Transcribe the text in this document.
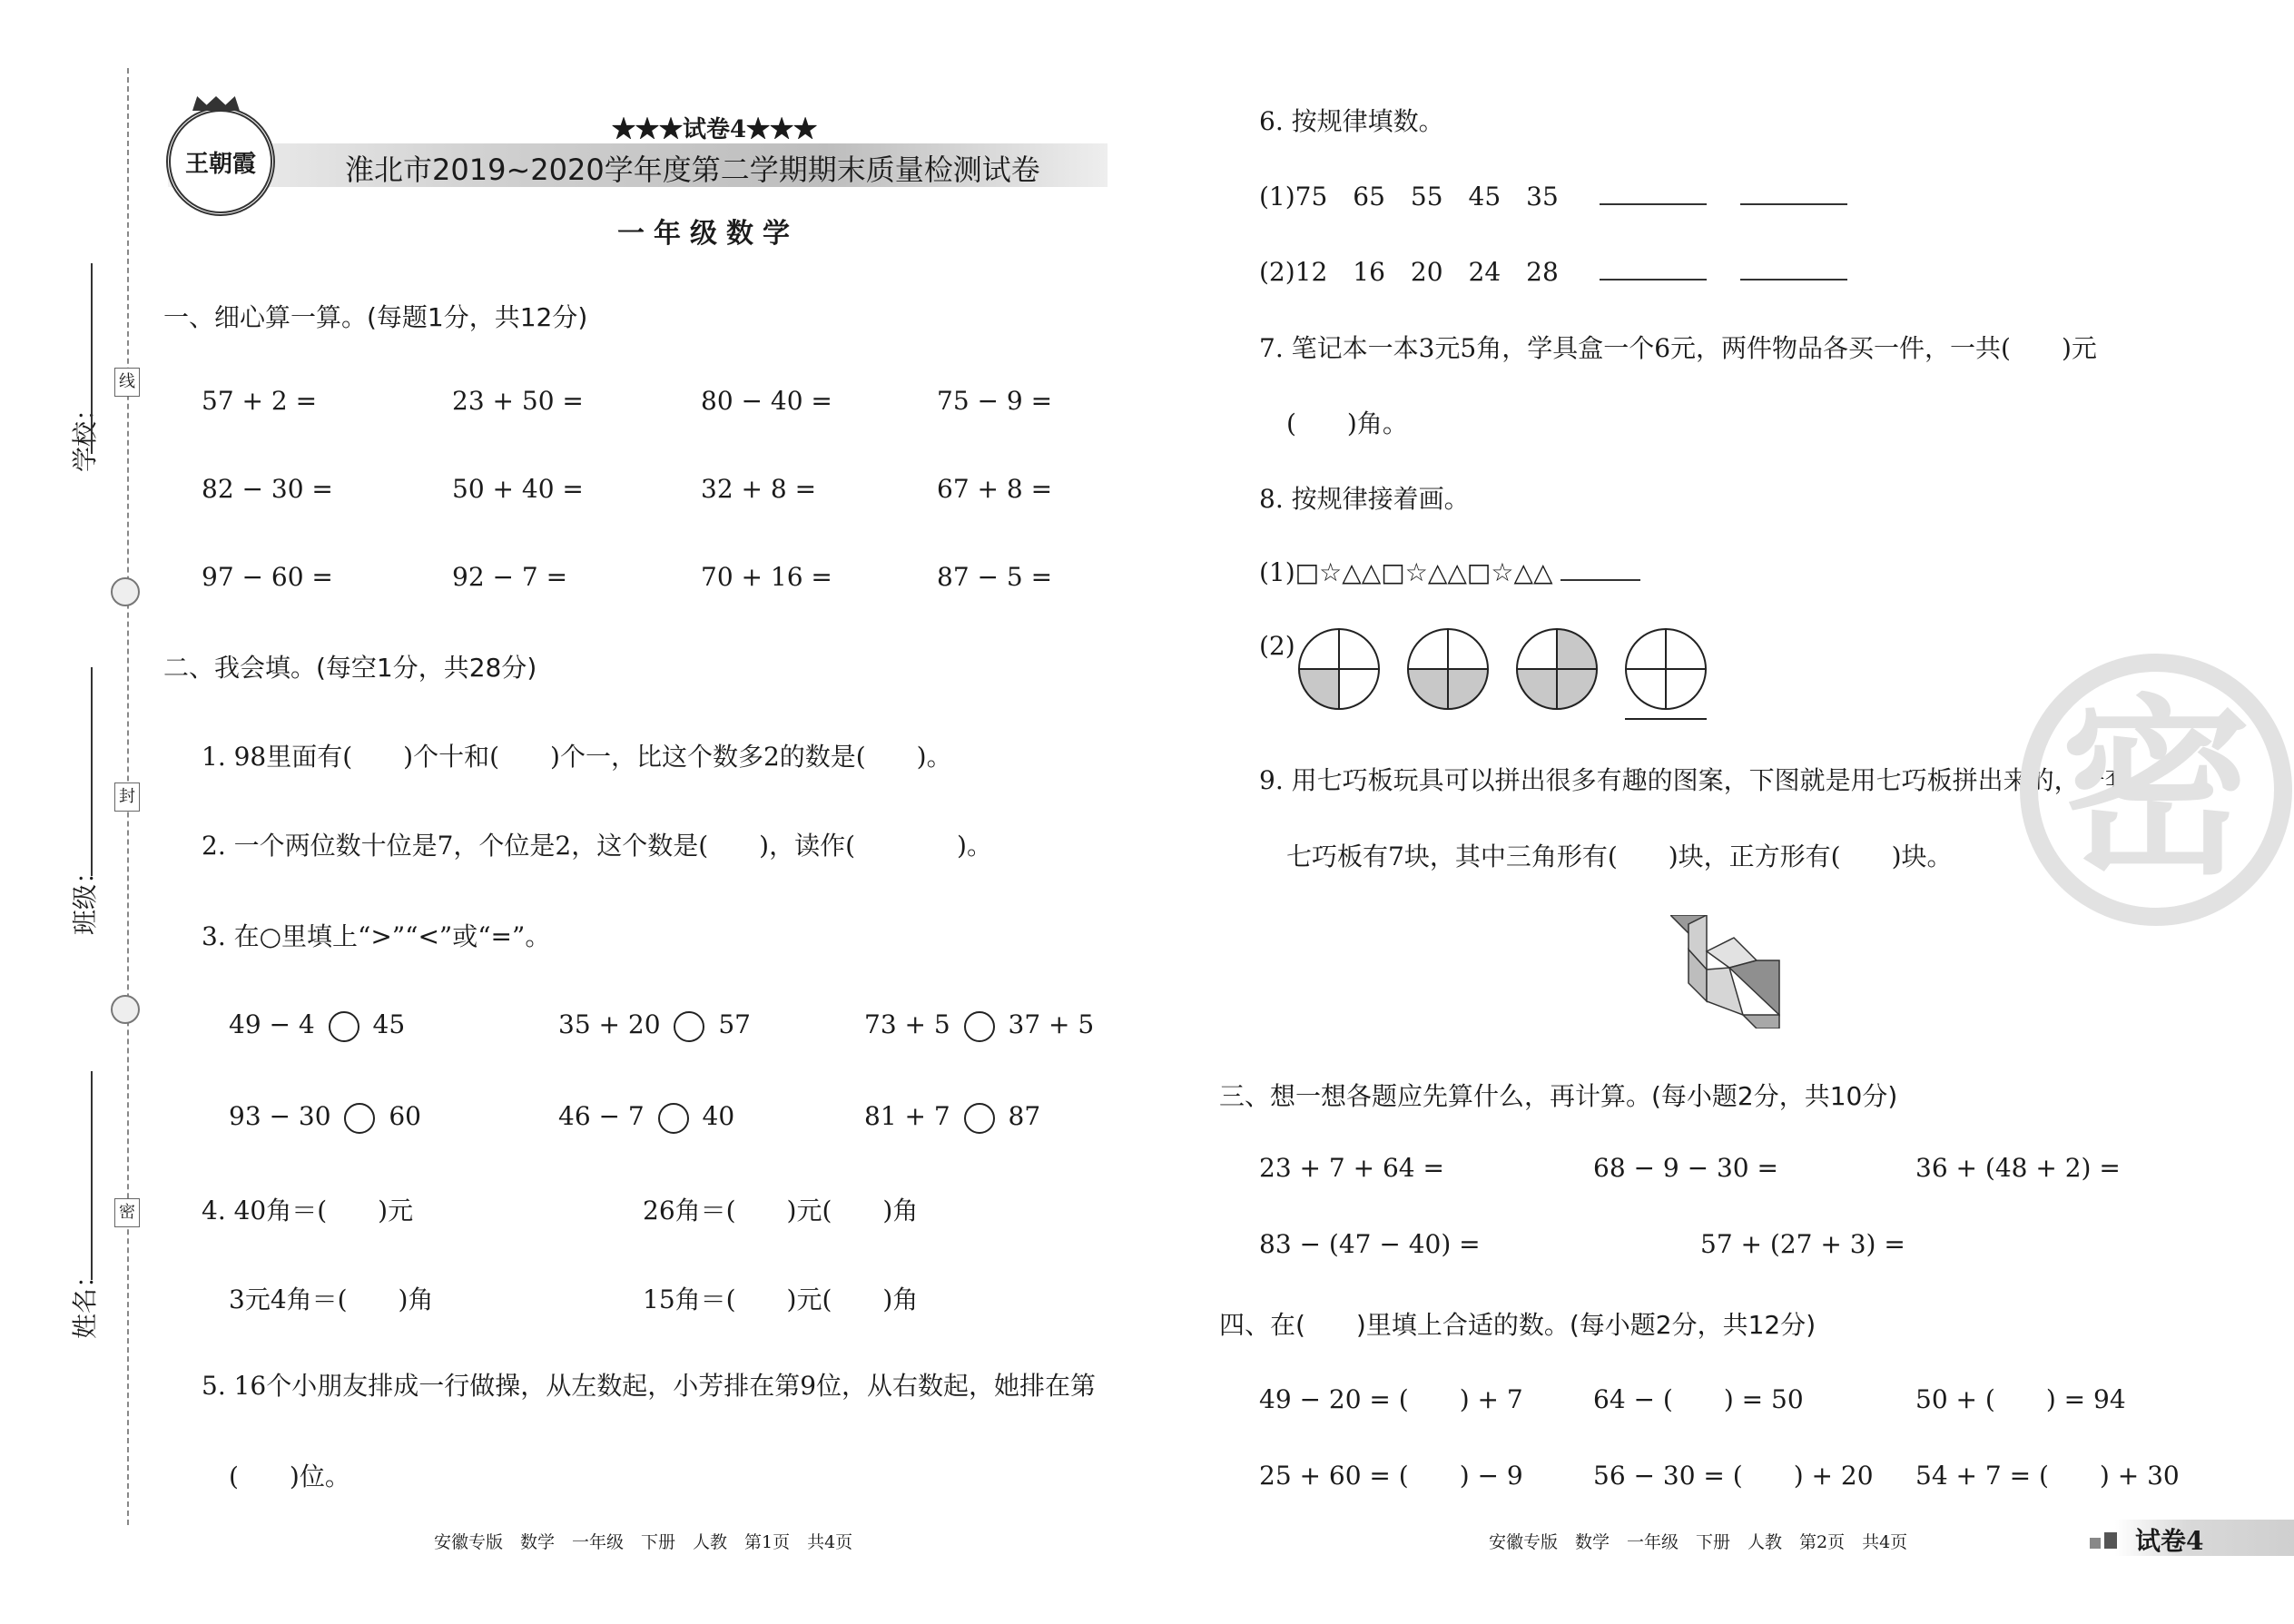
线
封
密
学校：
班级：
姓名：
王朝霞
★★★试卷4★★★
淮北市2019~2020学年度第二学期期末质量检测试卷
一年级数学
一、细心算一算。(每题1分，共12分)
57 + 2 =	23 + 50 =	80 − 40 =	75 − 9 =
82 − 30 =	50 + 40 =	32 + 8 =	67 + 8 =
97 − 60 =	92 − 7 =	70 + 16 =	87 − 5 =
二、我会填。(每空1分，共28分)
1. 98里面有(　　)个十和(　　)个一，比这个数多2的数是(　　)。
2. 一个两位数十位是7，个位是2，这个数是(　　)，读作(　　　　)。
3. 在○里填上“>”“<”或“=”。
49 − 4 45	35 + 20 57	73 + 5 37 + 5
93 − 30 60	46 − 7 40	81 + 7 87
4. 40角＝(　　)元	26角＝(　　)元(　　)角
3元4角＝(　　)角	15角＝(　　)元(　　)角
5. 16个小朋友排成一行做操，从左数起，小芳排在第9位，从右数起，她排在第
(　　)位。
安徽专版　数学　一年级　下册　人教　第1页　共4页
6. 按规律填数。
(1)75　65　55　45　35
(2)12　16　20　24　28
7. 笔记本一本3元5角，学具盒一个6元，两件物品各买一件，一共(　　)元
(　　)角。
8. 按规律接着画。
(1)□☆△△□☆△△□☆△△
(2)
9. 用七巧板玩具可以拼出很多有趣的图案，下图就是用七巧板拼出来的，一套
七巧板有7块，其中三角形有(　　)块，正方形有(　　)块。
三、想一想各题应先算什么，再计算。(每小题2分，共10分)
23 + 7 + 64 =	68 − 9 − 30 =	36 + (48 + 2) =
83 − (47 − 40) =	57 + (27 + 3) =
四、在(　　)里填上合适的数。(每小题2分，共12分)
49 − 20 = (　　) + 7	64 − (　　) = 50	50 + (　　) = 94
25 + 60 = (　　) − 9	56 − 30 = (　　) + 20 54 + 7 = (　　) + 30
密
安徽专版　数学　一年级　下册　人教　第2页　共4页	试卷4
